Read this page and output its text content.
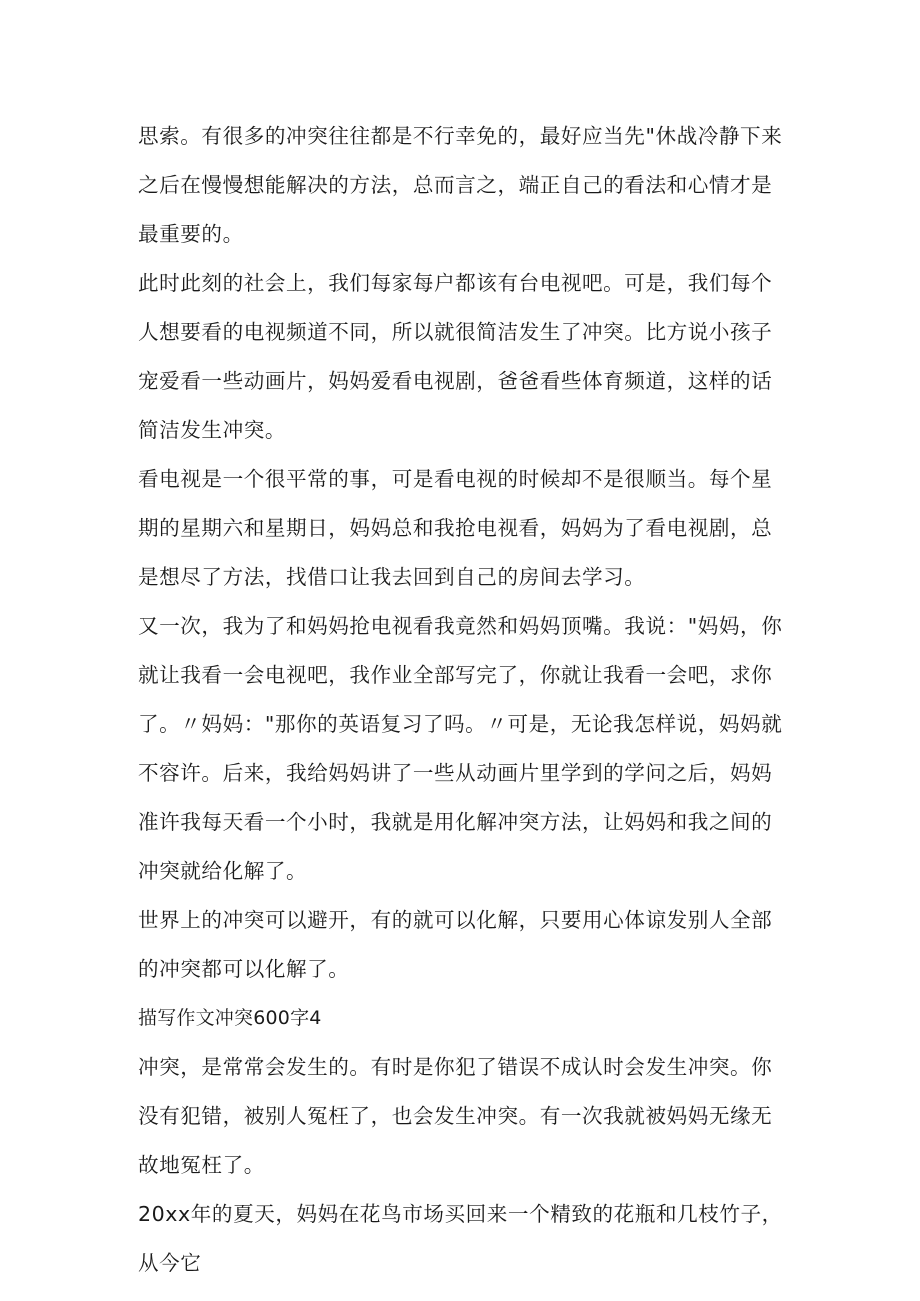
思索。有很多的冲突往往都是不行幸免的，最好应当先"休战冷静下来之后在慢慢想能解决的方法，总而言之，端正自己的看法和心情才是最重要的。

此时此刻的社会上，我们每家每户都该有台电视吧。可是，我们每个人想要看的电视频道不同，所以就很简洁发生了冲突。比方说小孩子宠爱看一些动画片，妈妈爱看电视剧，爸爸看些体育频道，这样的话简洁发生冲突。

看电视是一个很平常的事，可是看电视的时候却不是很顺当。每个星期的星期六和星期日，妈妈总和我抢电视看，妈妈为了看电视剧，总是想尽了方法，找借口让我去回到自己的房间去学习。

又一次，我为了和妈妈抢电视看我竟然和妈妈顶嘴。我说："妈妈，你就让我看一会电视吧，我作业全部写完了，你就让我看一会吧，求你了。〃妈妈："那你的英语复习了吗。〃可是，无论我怎样说，妈妈就不容许。后来，我给妈妈讲了一些从动画片里学到的学问之后，妈妈准许我每天看一个小时，我就是用化解冲突方法，让妈妈和我之间的冲突就给化解了。

世界上的冲突可以避开，有的就可以化解，只要用心体谅发别人全部的冲突都可以化解了。

描写作文冲突600字4

冲突，是常常会发生的。有时是你犯了错误不成认时会发生冲突。你没有犯错，被别人冤枉了，也会发生冲突。有一次我就被妈妈无缘无故地冤枉了。

20xx年的夏天，妈妈在花鸟市场买回来一个精致的花瓶和几枝竹子，从今它
